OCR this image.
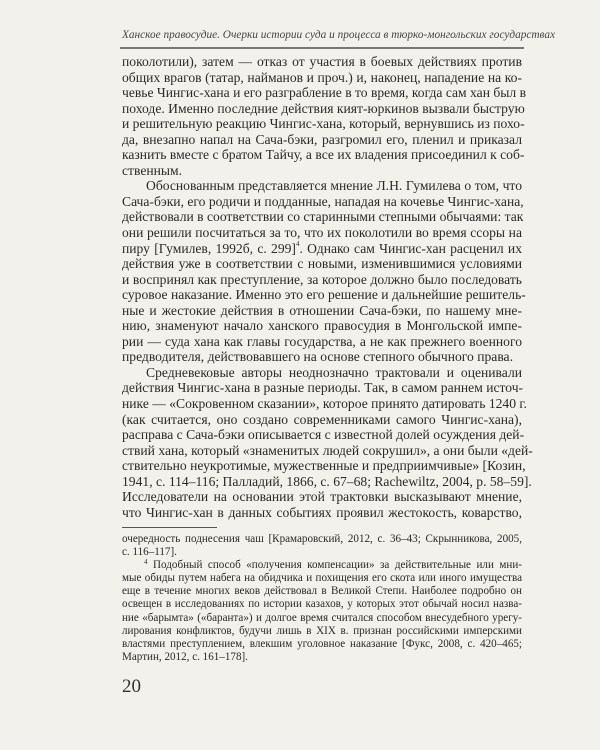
Ханское правосудие. Очерки истории суда и процесса в тюрко-монгольских государствах
поколотили), затем — отказ от участия в боевых действиях против
общих врагов (татар, найманов и проч.) и, наконец, нападение на ко-
чевье Чингис-хана и его разграбление в то время, когда сам хан был в
походе. Именно последние действия кият-юркинов вызвали быструю
и решительную реакцию Чингис-хана, который, вернувшись из похо-
да, внезапно напал на Сача-бэки, разгромил его, пленил и приказал
казнить вместе с братом Тайчу, а все их владения присоединил к соб-
ственным.
Обоснованным представляется мнение Л.Н. Гумилева о том, что
Сача-бэки, его родичи и подданные, нападая на кочевье Чингис-хана,
действовали в соответствии со старинными степными обычаями: так
они решили посчитаться за то, что их поколотили во время ссоры на
пиру [Гумилев, 1992б, с. 299]$^4$. Однако сам Чингис-хан расценил их
действия уже в соответствии с новыми, изменившимися условиями
и воспринял как преступление, за которое должно было последовать
суровое наказание. Именно это его решение и дальнейшие решитель-
ные и жестокие действия в отношении Сача-бэки, по нашему мне-
нию, знаменуют начало ханского правосудия в Монгольской импе-
рии — суда хана как главы государства, а не как прежнего военного
предводителя, действовавшего на основе степного обычного права.
Средневековые авторы неоднозначно трактовали и оценивали
действия Чингис-хана в разные периоды. Так, в самом раннем источ-
нике — «Сокровенном сказании», которое принято датировать 1240 г.
(как считается, оно создано современниками самого Чингис-хана),
расправа с Сача-бэки описывается с известной долей осуждения дей-
ствий хана, который «знаменитых людей сокрушил», а они были «дей-
ствительно неукротимые, мужественные и предприимчивые» [Козин,
1941, с. 114–116; Палладий, 1866, с. 67–68; Rachewiltz, 2004, p. 58–59].
Исследователи на основании этой трактовки высказывают мнение,
что Чингис-хан в данных событиях проявил жестокость, коварство,
очередность поднесения чаш [Крамаровский, 2012, с. 36–43; Скрынникова, 2005,
с. 116–117].
$^4$ Подобный способ «получения компенсации» за действительные или мни-
мые обиды путем набега на обидчика и похищения его скота или иного имущества
еще в течение многих веков действовал в Великой Степи. Наиболее подробно он
освещен в исследованиях по истории казахов, у которых этот обычай носил назва-
ние «барымта» («баранта») и долгое время считался способом внесудебного урегу-
лирования конфликтов, будучи лишь в XIX в. признан российскими имперскими
властями преступлением, влекшим уголовное наказание [Фукс, 2008, с. 420–465;
Мартин, 2012, с. 161–178].
20
